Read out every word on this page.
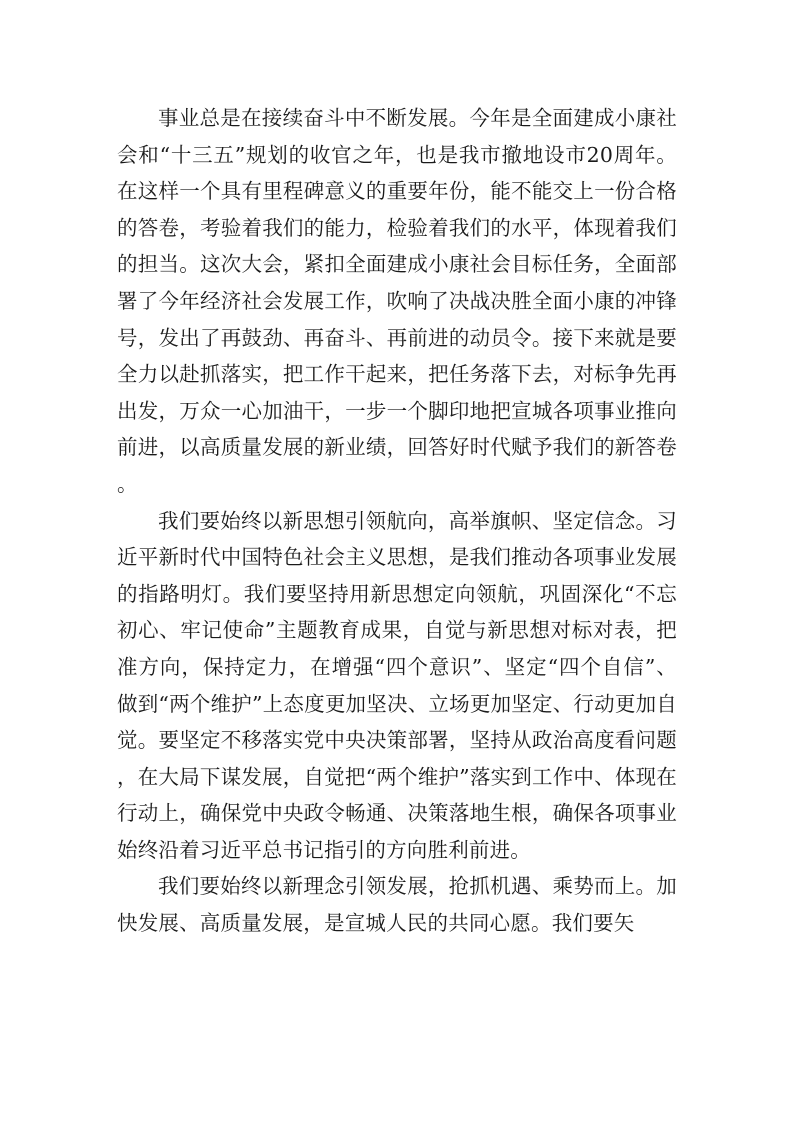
事业总是在接续奋斗中不断发展。今年是全面建成小康社会和“十三五”规划的收官之年，也是我市撤地设市20周年。在这样一个具有里程碑意义的重要年份，能不能交上一份合格的答卷，考验着我们的能力，检验着我们的水平，体现着我们的担当。这次大会，紧扣全面建成小康社会目标任务，全面部署了今年经济社会发展工作，吹响了决战决胜全面小康的冲锋号，发出了再鼓劲、再奋斗、再前进的动员令。接下来就是要全力以赴抓落实，把工作干起来，把任务落下去，对标争先再出发，万众一心加油干，一步一个脚印地把宣城各项事业推向前进，以高质量发展的新业绩，回答好时代赋予我们的新答卷。

我们要始终以新思想引领航向，高举旗帜、坚定信念。习近平新时代中国特色社会主义思想，是我们推动各项事业发展的指路明灯。我们要坚持用新思想定向领航，巩固深化“不忘初心、牢记使命”主题教育成果，自觉与新思想对标对表，把准方向，保持定力，在增强“四个意识”、坚定“四个自信”、做到“两个维护”上态度更加坚决、立场更加坚定、行动更加自觉。要坚定不移落实党中央决策部署，坚持从政治高度看问题，在大局下谋发展，自觉把“两个维护”落实到工作中、体现在行动上，确保党中央政令畅通、决策落地生根，确保各项事业始终沿着习近平总书记指引的方向胜利前进。

我们要始终以新理念引领发展，抢抓机遇、乘势而上。加快发展、高质量发展，是宣城人民的共同心愿。我们要矢
